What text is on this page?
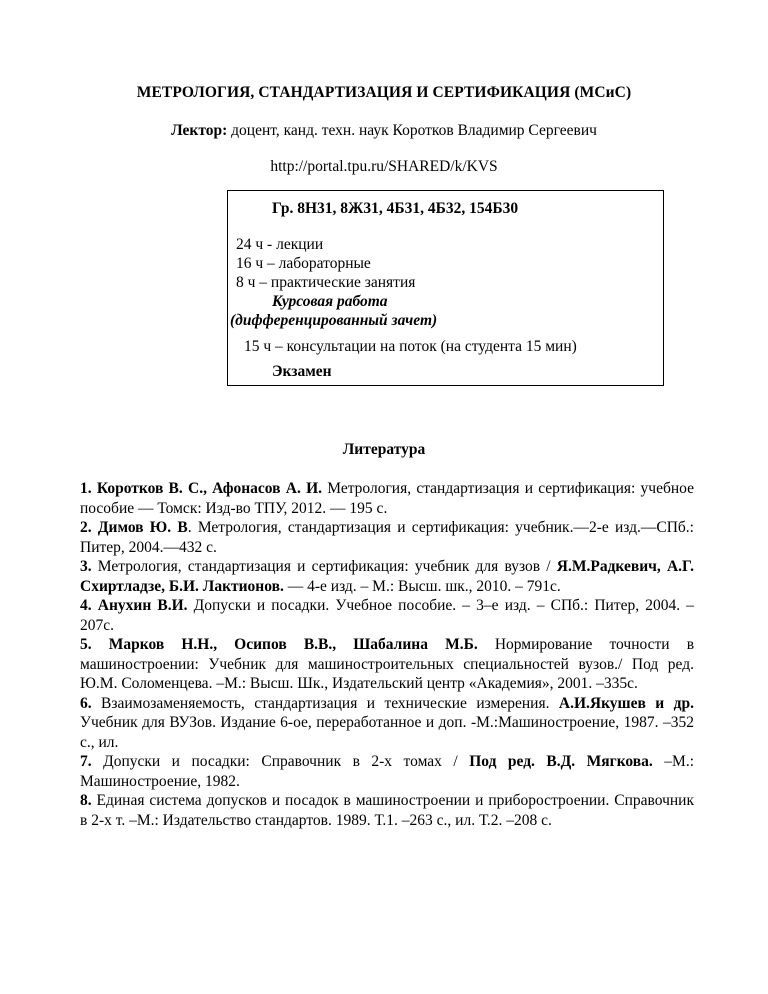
МЕТРОЛОГИЯ, СТАНДАРТИЗАЦИЯ И СЕРТИФИКАЦИЯ (МСиС)
Лектор: доцент, канд. техн. наук Коротков Владимир Сергеевич
http://portal.tpu.ru/SHARED/k/KVS
Гр. 8Н31, 8Ж31, 4Б31, 4Б32, 154Б30
24 ч - лекции
16 ч – лабораторные
8 ч – практические занятия
Курсовая работа
(дифференцированный зачет)
15 ч – консультации на поток (на студента 15 мин)
Экзамен
Литература

1. Коротков В. С., Афонасов А. И. Метрология, стандартизация и сертификация: учебное пособие — Томск: Изд-во ТПУ, 2012. — 195 с.

2. Димов Ю. В. Метрология, стандартизация и сертификация: учебник.—2-е изд.—СПб.: Питер, 2004.—432 с.

3. Метрология, стандартизация и сертификация: учебник для вузов / Я.М.Радкевич, А.Г. Схиртладзе, Б.И. Лактионов. — 4-е изд. – М.: Высш. шк., 2010. – 791с.

4. Анухин В.И. Допуски и посадки. Учебное пособие. – 3–е изд. – СПб.: Питер, 2004. – 207с.

5. Марков Н.Н., Осипов В.В., Шабалина М.Б. Нормирование точности в машиностроении: Учебник для машиностроительных специальностей вузов./ Под ред. Ю.М. Соломенцева. –М.: Высш. Шк., Издательский центр «Академия», 2001. –335с.

6. Взаимозаменяемость, стандартизация и технические измерения. А.И.Якушев и др. Учебник для ВУЗов. Издание 6-ое, переработанное и доп. -М.:Машиностроение, 1987. –352 с., ил.

7. Допуски и посадки: Справочник в 2-х томах / Под ред. В.Д. Мягкова. –М.: Машиностроение, 1982.

8. Единая система допусков и посадок в машиностроении и приборостроении. Справочник в 2-х т. –М.: Издательство стандартов. 1989. Т.1. –263 с., ил. Т.2. –208 с.
